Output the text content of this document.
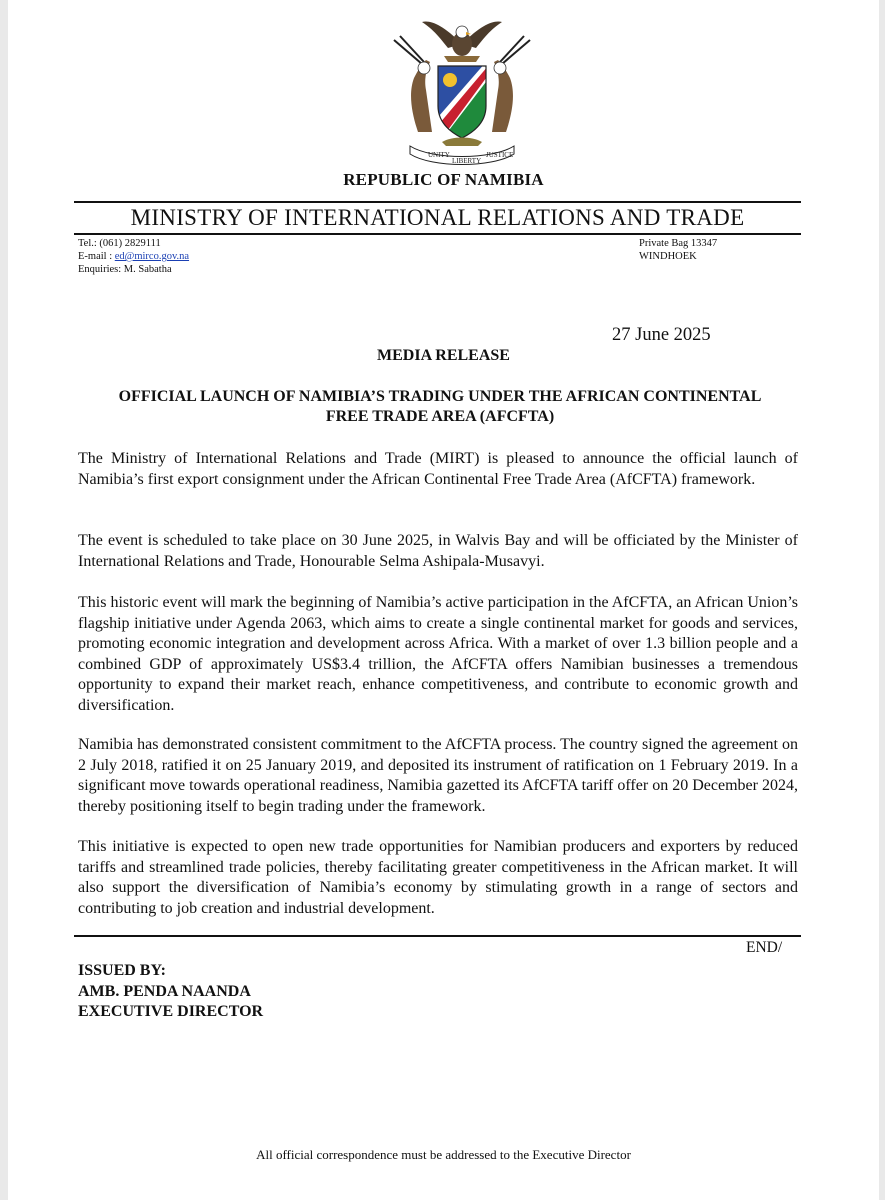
UNITY
LIBERTY
JUSTICE
REPUBLIC OF NAMIBIA
MINISTRY OF INTERNATIONAL RELATIONS AND TRADE
Tel.: (061) 2829111
E-mail : ed@mirco.gov.na
Enquiries: M. Sabatha
Private Bag 13347
WINDHOEK
27 June 2025
MEDIA RELEASE
OFFICIAL LAUNCH OF NAMIBIA’S TRADING UNDER THE AFRICAN CONTINENTAL
FREE TRADE AREA (AFCFTA)
The Ministry of International Relations and Trade (MIRT) is pleased to announce the official launch of Namibia’s first export consignment under the African Continental Free Trade Area (AfCFTA) framework.
The event is scheduled to take place on 30 June 2025, in Walvis Bay and will be officiated by the Minister of International Relations and Trade, Honourable Selma Ashipala-Musavyi.
This historic event will mark the beginning of Namibia’s active participation in the AfCFTA, an African Union’s flagship initiative under Agenda 2063, which aims to create a single continental market for goods and services, promoting economic integration and development across Africa. With a market of over 1.3 billion people and a combined GDP of approximately US$3.4 trillion, the AfCFTA offers Namibian businesses a tremendous opportunity to expand their market reach, enhance competitiveness, and contribute to economic growth and diversification.
Namibia has demonstrated consistent commitment to the AfCFTA process. The country signed the agreement on 2 July 2018, ratified it on 25 January 2019, and deposited its instrument of ratification on 1 February 2019. In a significant move towards operational readiness, Namibia gazetted its AfCFTA tariff offer on 20 December 2024, thereby positioning itself to begin trading under the framework.
This initiative is expected to open new trade opportunities for Namibian producers and exporters by reduced tariffs and streamlined trade policies, thereby facilitating greater competitiveness in the African market. It will also support the diversification of Namibia’s economy by stimulating growth in a range of sectors and contributing to job creation and industrial development.
END/
ISSUED BY:
AMB. PENDA NAANDA
EXECUTIVE DIRECTOR
All official correspondence must be addressed to the Executive Director
